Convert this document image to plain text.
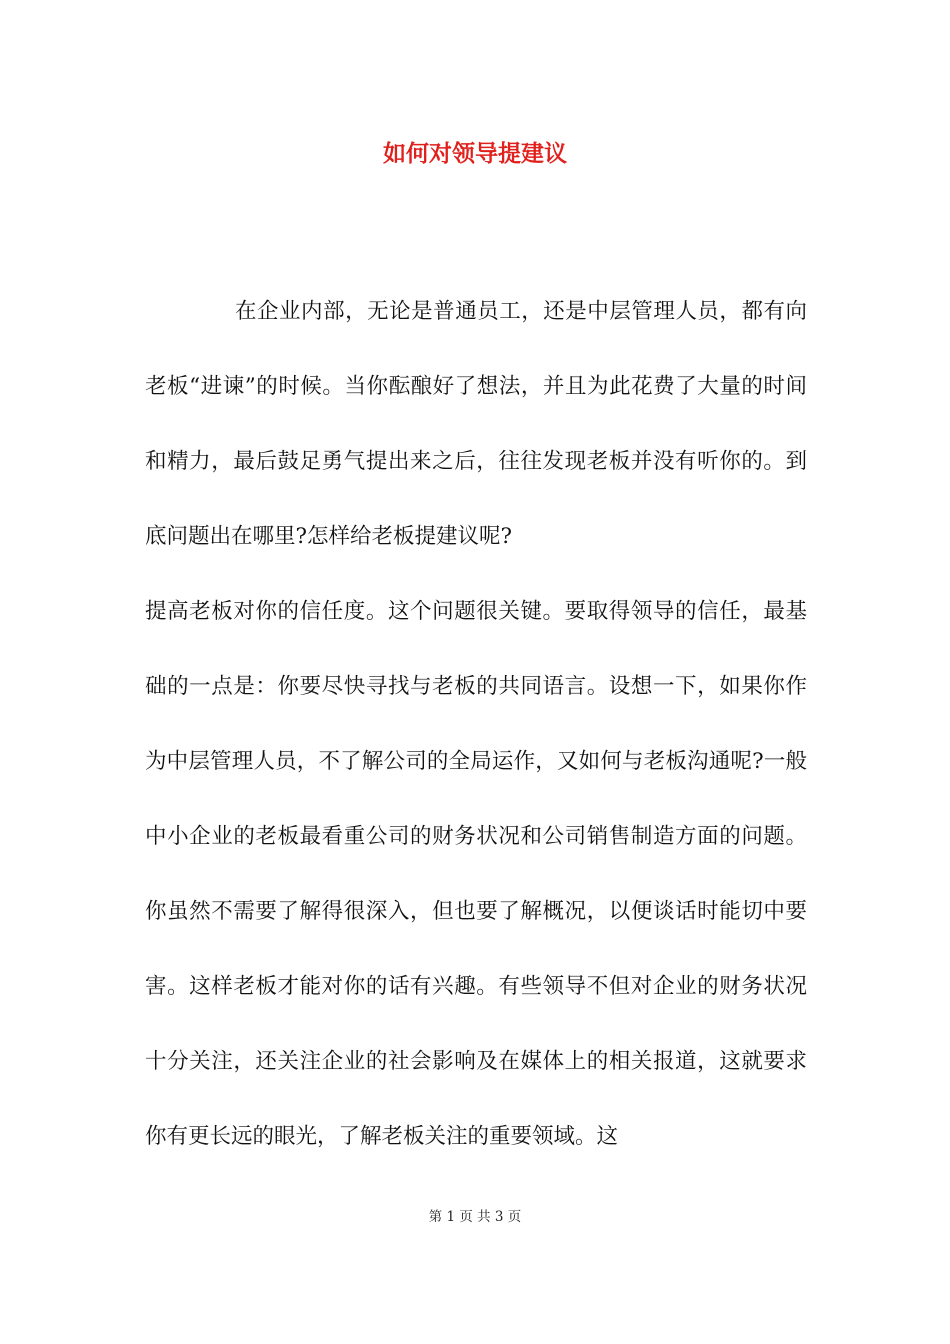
如何对领导提建议

在企业内部，无论是普通员工，还是中层管理人员，都有向老板“进谏”的时候。当你酝酿好了想法，并且为此花费了大量的时间和精力，最后鼓足勇气提出来之后，往往发现老板并没有听你的。到底问题出在哪里?怎样给老板提建议呢?

提高老板对你的信任度。这个问题很关键。要取得领导的信任，最基础的一点是：你要尽快寻找与老板的共同语言。设想一下，如果你作为中层管理人员，不了解公司的全局运作，又如何与老板沟通呢?一般中小企业的老板最看重公司的财务状况和公司销售制造方面的问题。你虽然不需要了解得很深入，但也要了解概况，以便谈话时能切中要害。这样老板才能对你的话有兴趣。有些领导不但对企业的财务状况十分关注，还关注企业的社会影响及在媒体上的相关报道，这就要求你有更长远的眼光，了解老板关注的重要领域。这

第 1 页 共 3 页
